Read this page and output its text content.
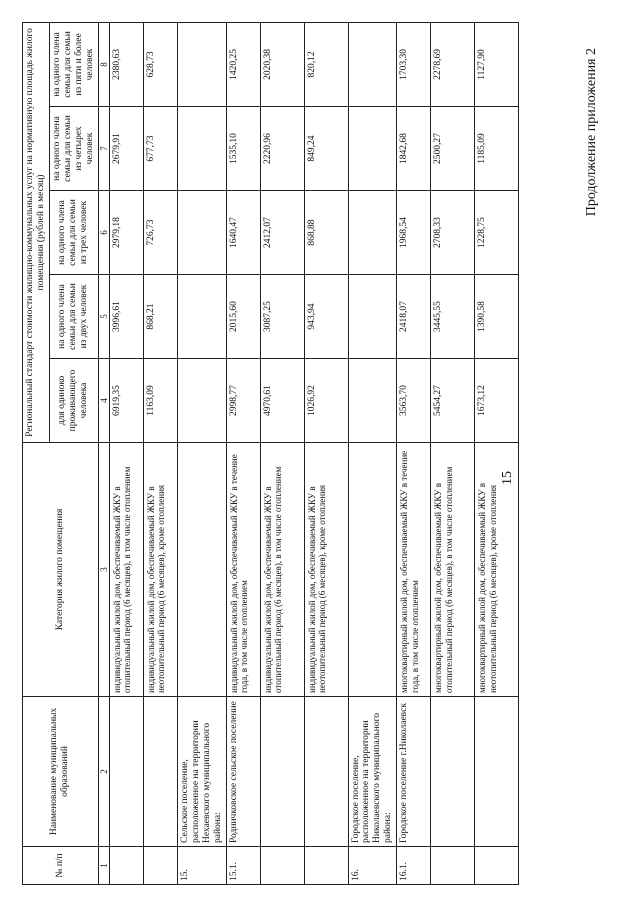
15
№ п/п	Наименование муниципальных образований	Категория жилого помещения	Региональный стандарт стоимости жилищно-коммунальных услуг на нормативную площадь жилого помещения (рублей в месяц)				
			для одиноко проживающего человека	на одного члена семьи для семьи из двух человек	на одного члена семьи для семьи из трех человек	на одного члена семьи для семьи из четырех человек	на одного члена семьи для семьи из пяти и более человек
1	2	3	4	5	6	7	8
		индивидуальный жилой дом, обеспечиваемый ЖКУ в отопительный период (6 месяцев), в том числе отоплением	6919,35	3996,61	2979,18	2679,91	2380,63
		индивидуальный жилой дом, обеспечиваемый ЖКУ в неотопительный период (6 месяцев), кроме отопления	1163,09	868,21	726,73	677,73	628,73
15.	Сельское поселение, расположенное на территории Нехаевского муниципального района:						
15.1.	Родничковское сельское поселение	индивидуальный жилой дом, обеспечиваемый ЖКУ в течение года, в том числе отоплением	2998,77	2015,60	1640,47	1535,10	1420,25
		индивидуальный жилой дом, обеспечиваемый ЖКУ в отопительный период (6 месяцев), в том числе отоплением	4970,61	3087,25	2412,07	2220,96	2020,38
		индивидуальный жилой дом, обеспечиваемый ЖКУ в неотопительный период (6 месяцев), кроме отопления	1026,92	943,94	868,88	849,24	820,12
16.	Городское поселение, расположенное на территории Николаевского муниципального района:						
16.1.	Городское поселение г.Николаевск	многоквартирный жилой дом, обеспечиваемый ЖКУ в течение года, в том числе отоплением	3563,70	2418,07	1968,54	1842,68	1703,30
		многоквартирный жилой дом, обеспечиваемый ЖКУ в отопительный период (6 месяцев), в том числе отоплением	5454,27	3445,55	2708,33	2500,27	2278,69
		многоквартирный жилой дом, обеспечиваемый ЖКУ в неотопительный период (6 месяцев), кроме отопления	1673,12	1390,58	1228,75	1185,09	1127,90	Продолжение приложения 2
